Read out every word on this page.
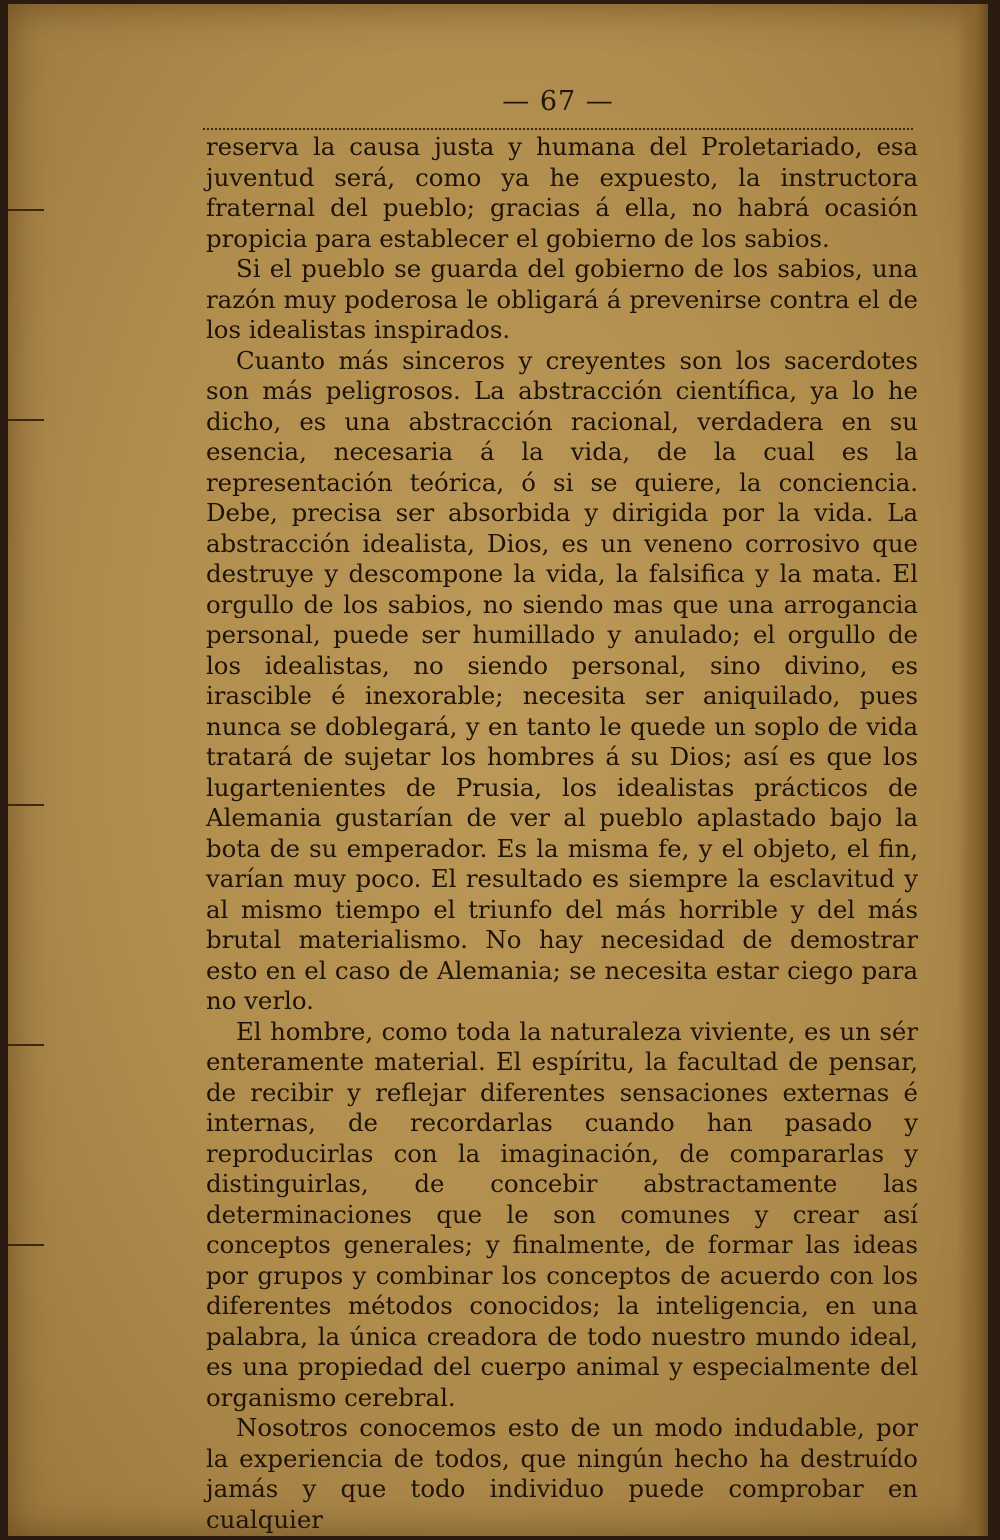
— 67 —

reserva la causa justa y humana del Proletariado, esa juventud será, como ya he expuesto, la instructora fraternal del pueblo; gracias á ella, no habrá ocasión propicia para establecer el gobierno de los sabios.

Si el pueblo se guarda del gobierno de los sabios, una razón muy poderosa le obligará á prevenirse contra el de los idealistas inspirados.

Cuanto más sinceros y creyentes son los sacerdotes son más peligrosos. La abstracción científica, ya lo he dicho, es una abstracción racional, verdadera en su esencia, necesaria á la vida, de la cual es la representación teórica, ó si se quiere, la conciencia. Debe, precisa ser absorbida y dirigida por la vida. La abstracción idealista, Dios, es un veneno corrosivo que destruye y descompone la vida, la falsifica y la mata. El orgullo de los sabios, no siendo mas que una arrogancia personal, puede ser humillado y anulado; el orgullo de los idealistas, no siendo personal, sino divino, es irascible é inexorable; necesita ser aniquilado, pues nunca se doblegará, y en tanto le quede un soplo de vida tratará de sujetar los hombres á su Dios; así es que los lugartenientes de Prusia, los idealistas prácticos de Alemania gustarían de ver al pueblo aplastado bajo la bota de su emperador. Es la misma fe, y el objeto, el fin, varían muy poco. El resultado es siempre la esclavitud y al mismo tiempo el triunfo del más horrible y del más brutal materialismo. No hay necesidad de demostrar esto en el caso de Alemania; se necesita estar ciego para no verlo.

El hombre, como toda la naturaleza viviente, es un sér enteramente material. El espíritu, la facultad de pensar, de recibir y reflejar diferentes sensaciones externas é internas, de recordarlas cuando han pasado y reproducirlas con la imaginación, de compararlas y distinguirlas, de concebir abstractamente las determinaciones que le son comunes y crear así conceptos generales; y finalmente, de formar las ideas por grupos y combinar los conceptos de acuerdo con los diferentes métodos conocidos; la inteligencia, en una palabra, la única creadora de todo nuestro mundo ideal, es una propiedad del cuerpo animal y especialmente del organismo cerebral.

Nosotros conocemos esto de un modo indudable, por la experiencia de todos, que ningún hecho ha destruído jamás y que todo individuo puede comprobar en cualquier
